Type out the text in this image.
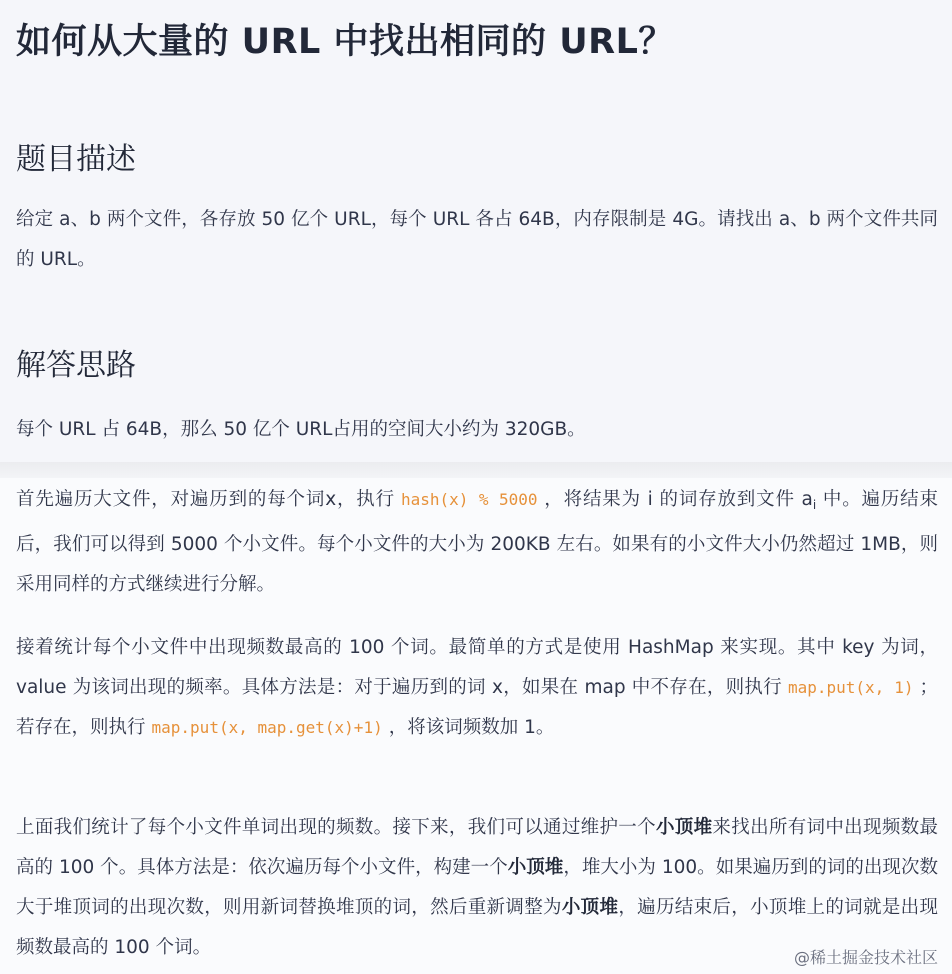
如何从大量的 URL 中找出相同的 URL？
题目描述

给定 a、b 两个文件，各存放 50 亿个 URL，每个 URL 各占 64B，内存限制是 4G。请找出 a、b 两个文件共同的 URL。

解答思路

每个 URL 占 64B，那么 50 亿个 URL占用的空间大小约为 320GB。

首先遍历大文件，对遍历到的每个词x，执行 hash(x) % 5000 ，将结果为 i 的词存放到文件 $a_i$ 中。遍历结束后，我们可以得到 5000 个小文件。每个小文件的大小为 200KB 左右。如果有的小文件大小仍然超过 1MB，则采用同样的方式继续进行分解。

接着统计每个小文件中出现频数最高的 100 个词。最简单的方式是使用 HashMap 来实现。其中 key 为词，value 为该词出现的频率。具体方法是：对于遍历到的词 x，如果在 map 中不存在，则执行 map.put(x, 1) ；若存在，则执行 map.put(x, map.get(x)+1) ，将该词频数加 1。

上面我们统计了每个小文件单词出现的频数。接下来，我们可以通过维护一个小顶堆来找出所有词中出现频数最高的 100 个。具体方法是：依次遍历每个小文件，构建一个小顶堆，堆大小为 100。如果遍历到的词的出现次数大于堆顶词的出现次数，则用新词替换堆顶的词，然后重新调整为小顶堆，遍历结束后，小顶堆上的词就是出现频数最高的 100 个词。	@稀土掘金技术社区
